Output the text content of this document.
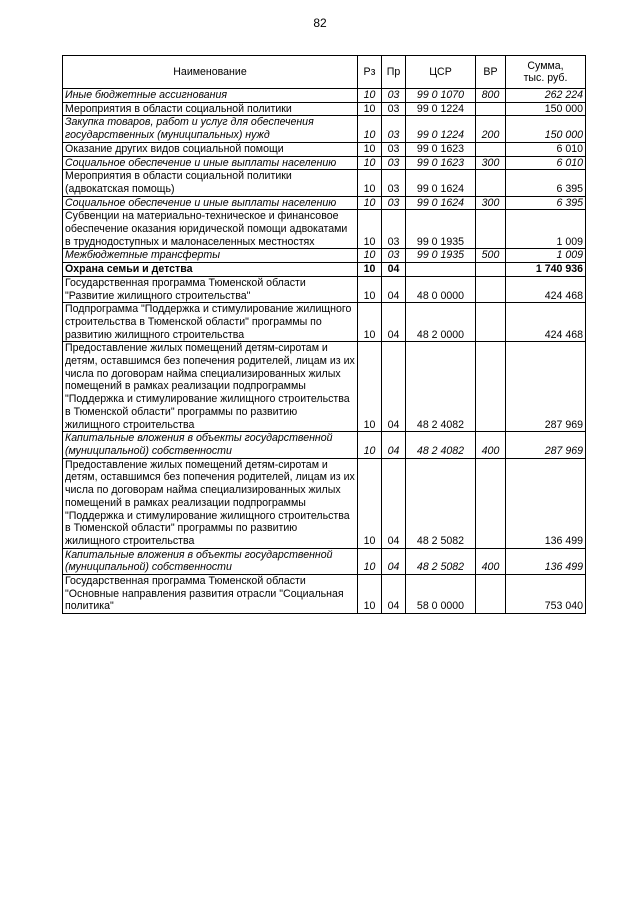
82
Наименование	Рз	Пр	ЦСР	ВР	Сумма,
тыс. руб.
Иные бюджетные ассигнования	10	03	99 0 1070	800	262 224
Мероприятия в области социальной политики	10	03	99 0 1224		150 000
Закупка товаров, работ и услуг для обеспечения государственных (муниципальных) нужд	10	03	99 0 1224	200	150 000
Оказание других видов социальной помощи	10	03	99 0 1623		6 010
Социальное обеспечение и иные выплаты населению	10	03	99 0 1623	300	6 010
Мероприятия в области социальной политики (адвокатская помощь)	10	03	99 0 1624		6 395
Социальное обеспечение и иные выплаты населению	10	03	99 0 1624	300	6 395
Субвенции на материально-техническое и финансовое обеспечение оказания юридической помощи адвокатами в труднодоступных и малонаселенных местностях	10	03	99 0 1935		1 009
Межбюджетные трансферты	10	03	99 0 1935	500	1 009
Охрана семьи и детства	10	04			1 740 936
Государственная программа Тюменской области "Развитие жилищного строительства"	10	04	48 0 0000		424 468
Подпрограмма "Поддержка и стимулирование жилищного строительства в Тюменской области" программы по развитию жилищного строительства	10	04	48 2 0000		424 468
Предоставление жилых помещений детям-сиротам и детям, оставшимся без попечения родителей, лицам из их числа по договорам найма специализированных жилых помещений в рамках реализации подпрограммы "Поддержка и стимулирование жилищного строительства в Тюменской области" программы по развитию жилищного строительства	10	04	48 2 4082		287 969
Капитальные вложения в объекты государственной (муниципальной) собственности	10	04	48 2 4082	400	287 969
Предоставление жилых помещений детям-сиротам и детям, оставшимся без попечения родителей, лицам из их числа по договорам найма специализированных жилых помещений в рамках реализации подпрограммы "Поддержка и стимулирование жилищного строительства в Тюменской области" программы по развитию жилищного строительства	10	04	48 2 5082		136 499
Капитальные вложения в объекты государственной (муниципальной) собственности	10	04	48 2 5082	400	136 499
Государственная программа Тюменской области "Основные направления развития отрасли "Социальная политика"	10	04	58 0 0000		753 040
